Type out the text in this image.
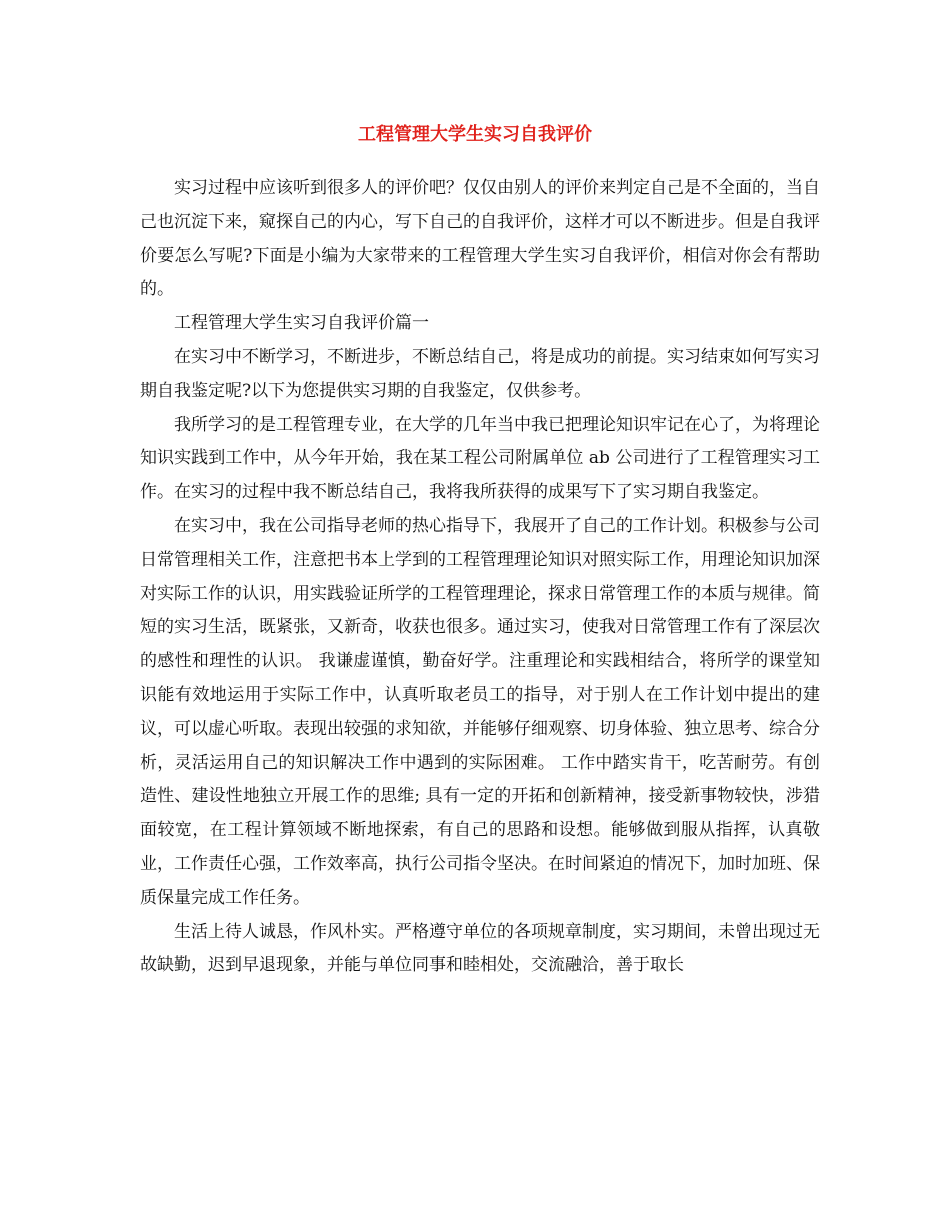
工程管理大学生实习自我评价

实习过程中应该听到很多人的评价吧？仅仅由别人的评价来判定自己是不全面的，当自己也沉淀下来，窥探自己的内心，写下自己的自我评价，这样才可以不断进步。但是自我评价要怎么写呢?下面是小编为大家带来的工程管理大学生实习自我评价，相信对你会有帮助的。

工程管理大学生实习自我评价篇一

在实习中不断学习，不断进步，不断总结自己，将是成功的前提。实习结束如何写实习期自我鉴定呢?以下为您提供实习期的自我鉴定，仅供参考。

我所学习的是工程管理专业，在大学的几年当中我已把理论知识牢记在心了，为将理论知识实践到工作中，从今年开始，我在某工程公司附属单位 ab 公司进行了工程管理实习工作。在实习的过程中我不断总结自己，我将我所获得的成果写下了实习期自我鉴定。

在实习中，我在公司指导老师的热心指导下，我展开了自己的工作计划。积极参与公司日常管理相关工作，注意把书本上学到的工程管理理论知识对照实际工作，用理论知识加深对实际工作的认识，用实践验证所学的工程管理理论，探求日常管理工作的本质与规律。简短的实习生活，既紧张，又新奇，收获也很多。通过实习，使我对日常管理工作有了深层次的感性和理性的认识。 我谦虚谨慎，勤奋好学。注重理论和实践相结合，将所学的课堂知识能有效地运用于实际工作中，认真听取老员工的指导，对于别人在工作计划中提出的建议，可以虚心听取。表现出较强的求知欲，并能够仔细观察、切身体验、独立思考、综合分析，灵活运用自己的知识解决工作中遇到的实际困难。 工作中踏实肯干，吃苦耐劳。有创造性、建设性地独立开展工作的思维; 具有一定的开拓和创新精神，接受新事物较快，涉猎面较宽，在工程计算领域不断地探索，有自己的思路和设想。能够做到服从指挥，认真敬业，工作责任心强，工作效率高，执行公司指令坚决。在时间紧迫的情况下，加时加班、保质保量完成工作任务。

生活上待人诚恳，作风朴实。严格遵守单位的各项规章制度，实习期间，未曾出现过无故缺勤，迟到早退现象，并能与单位同事和睦相处，交流融洽，善于取长
